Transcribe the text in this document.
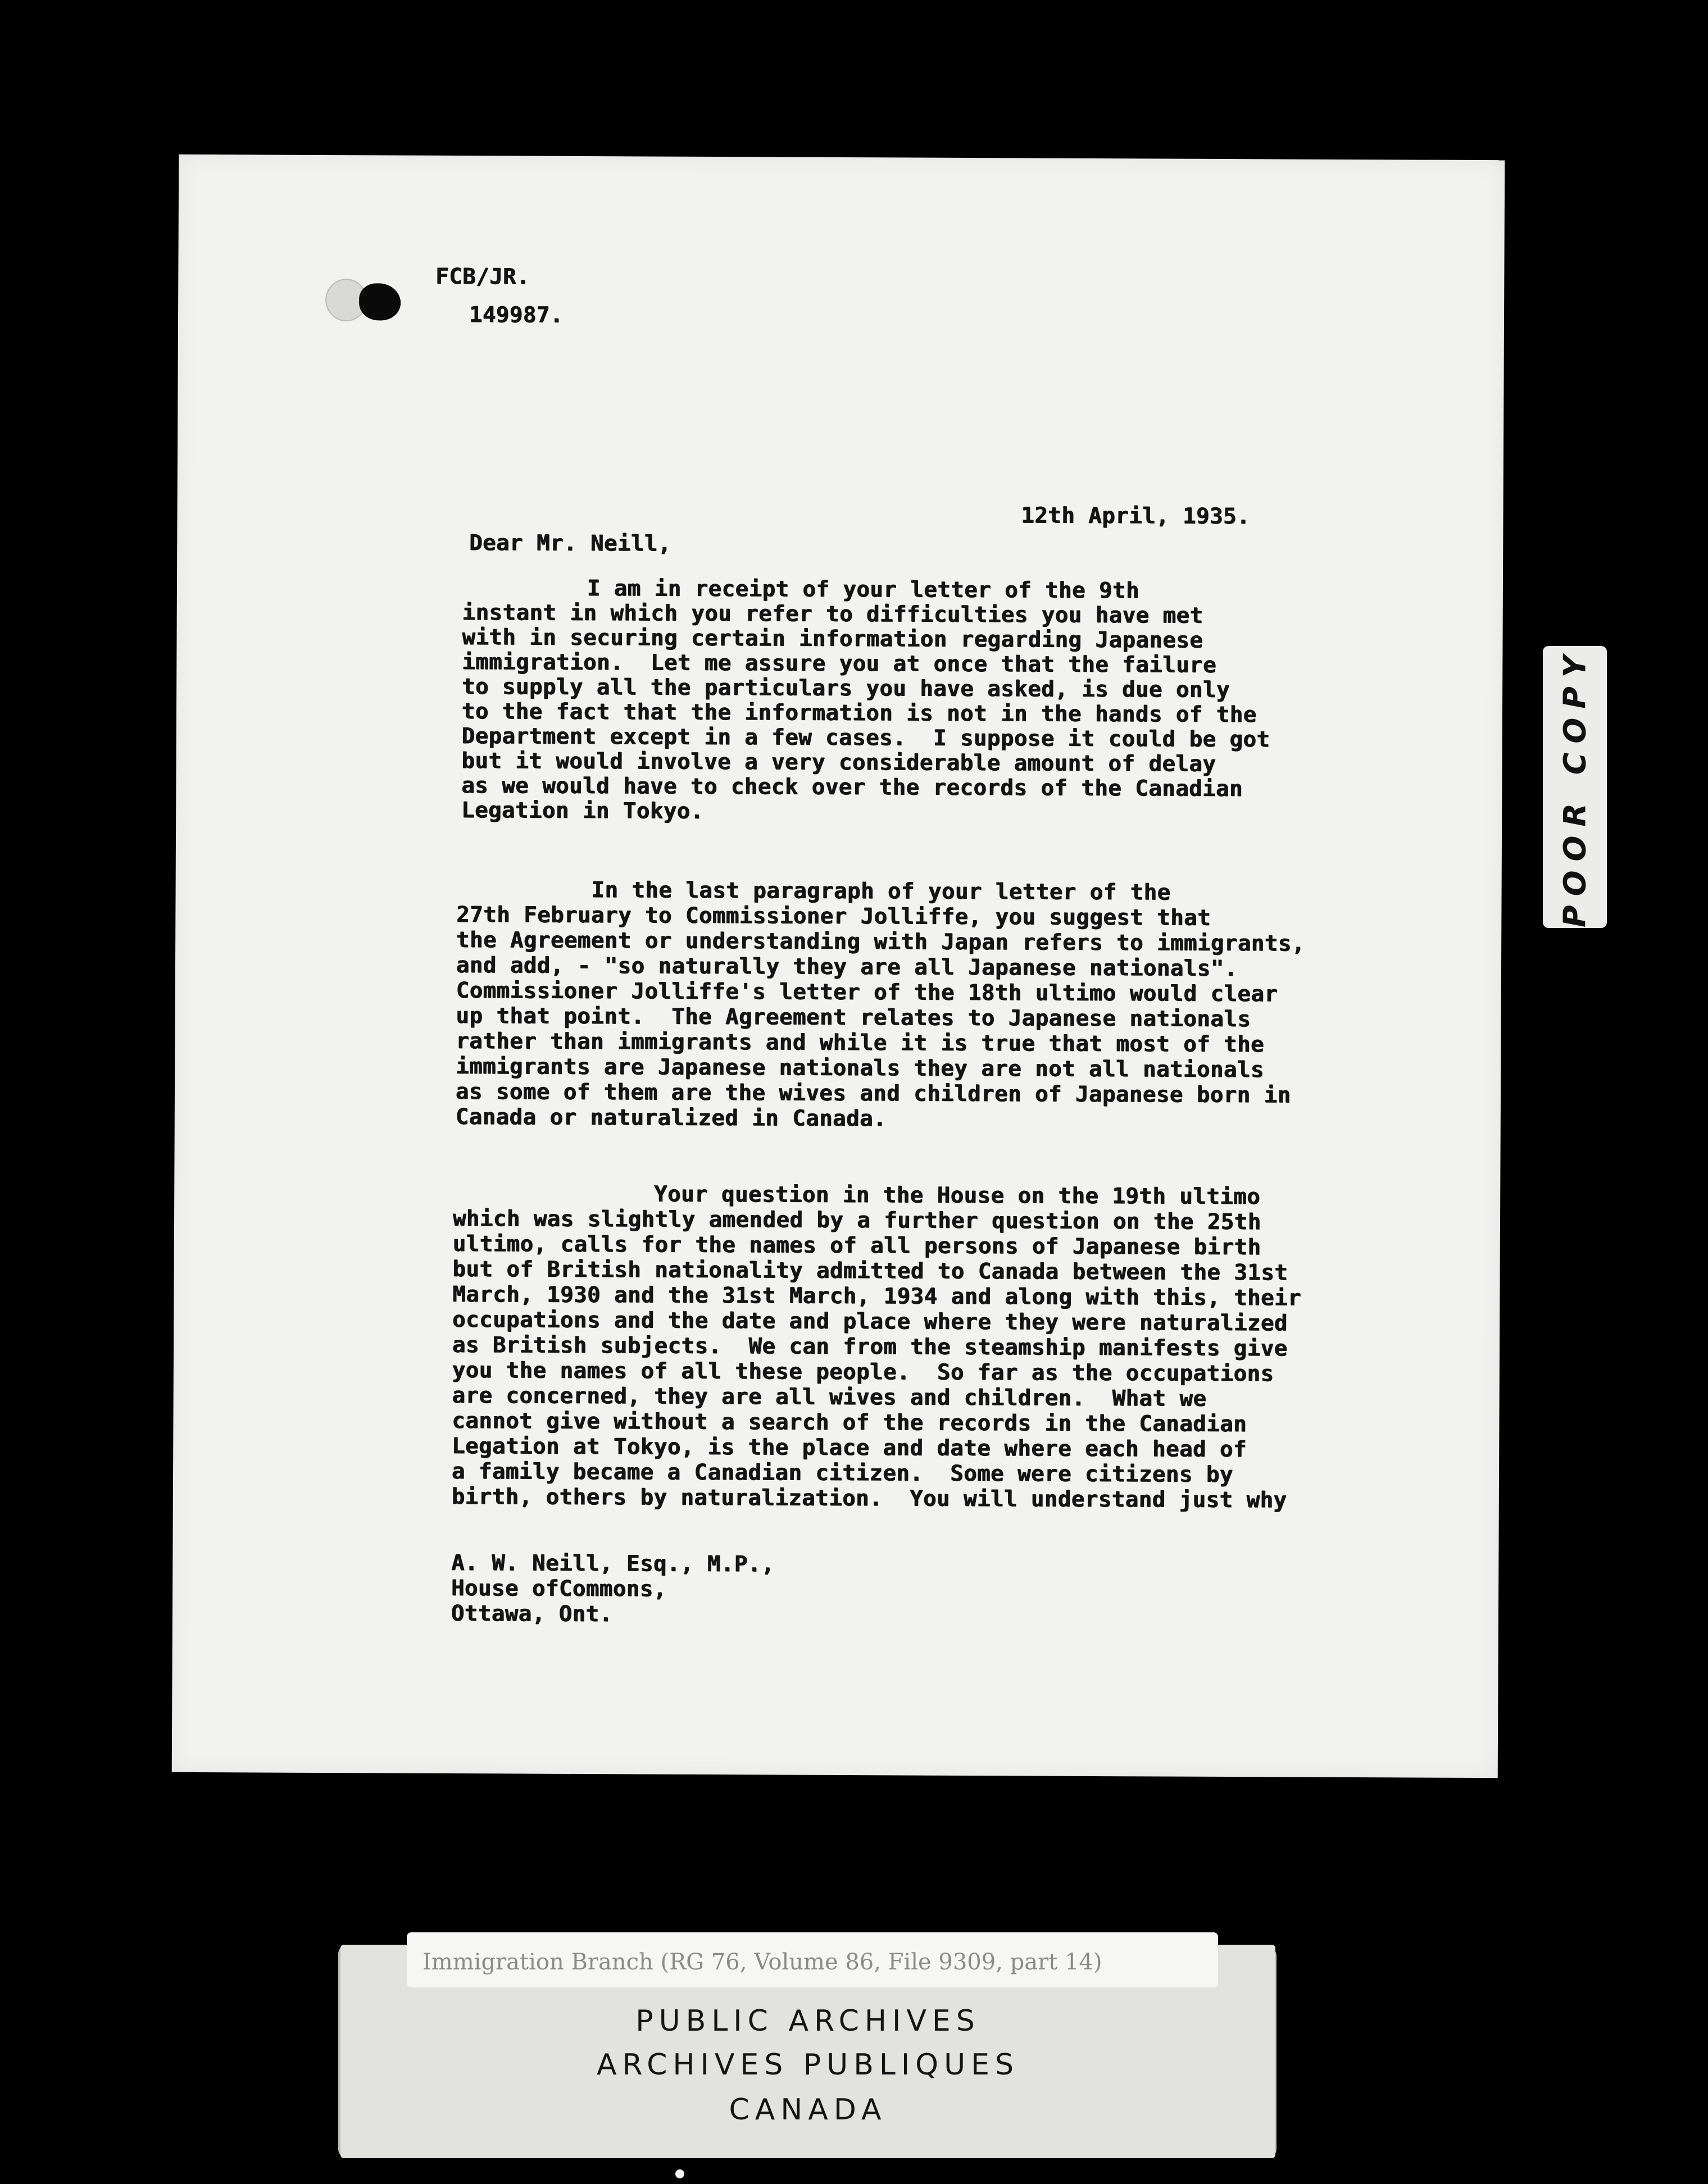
FCB/JR.
149987.
12th April, 1935.
Dear Mr. Neill,

I am in receipt of your letter of the 9th

instant in which you refer to difficulties you have met

with in securing certain information regarding Japanese

immigration.  Let me assure you at once that the failure

to supply all the particulars you have asked, is due only

to the fact that the information is not in the hands of the

Department except in a few cases.  I suppose it could be got

but it would involve a very considerable amount of delay

as we would have to check over the records of the Canadian

Legation in Tokyo.

In the last paragraph of your letter of the

27th February to Commissioner Jolliffe, you suggest that

the Agreement or understanding with Japan refers to immigrants,

and add, - "so naturally they are all Japanese nationals".

Commissioner Jolliffe's letter of the 18th ultimo would clear

up that point.  The Agreement relates to Japanese nationals

rather than immigrants and while it is true that most of the

immigrants are Japanese nationals they are not all nationals

as some of them are the wives and children of Japanese born in

Canada or naturalized in Canada.

Your question in the House on the 19th ultimo

which was slightly amended by a further question on the 25th

ultimo, calls for the names of all persons of Japanese birth

but of British nationality admitted to Canada between the 31st

March, 1930 and the 31st March, 1934 and along with this, their

occupations and the date and place where they were naturalized

as British subjects.  We can from the steamship manifests give

you the names of all these people.  So far as the occupations

are concerned, they are all wives and children.  What we

cannot give without a search of the records in the Canadian

Legation at Tokyo, is the place and date where each head of

a family became a Canadian citizen.  Some were citizens by

birth, others by naturalization.  You will understand just why

A. W. Neill, Esq., M.P.,

House ofCommons,

Ottawa, Ont.

POOR COPY
PUBLIC ARCHIVES
ARCHIVES PUBLIQUES
CANADA
Immigration Branch (RG 76, Volume 86, File 9309, part 14)
